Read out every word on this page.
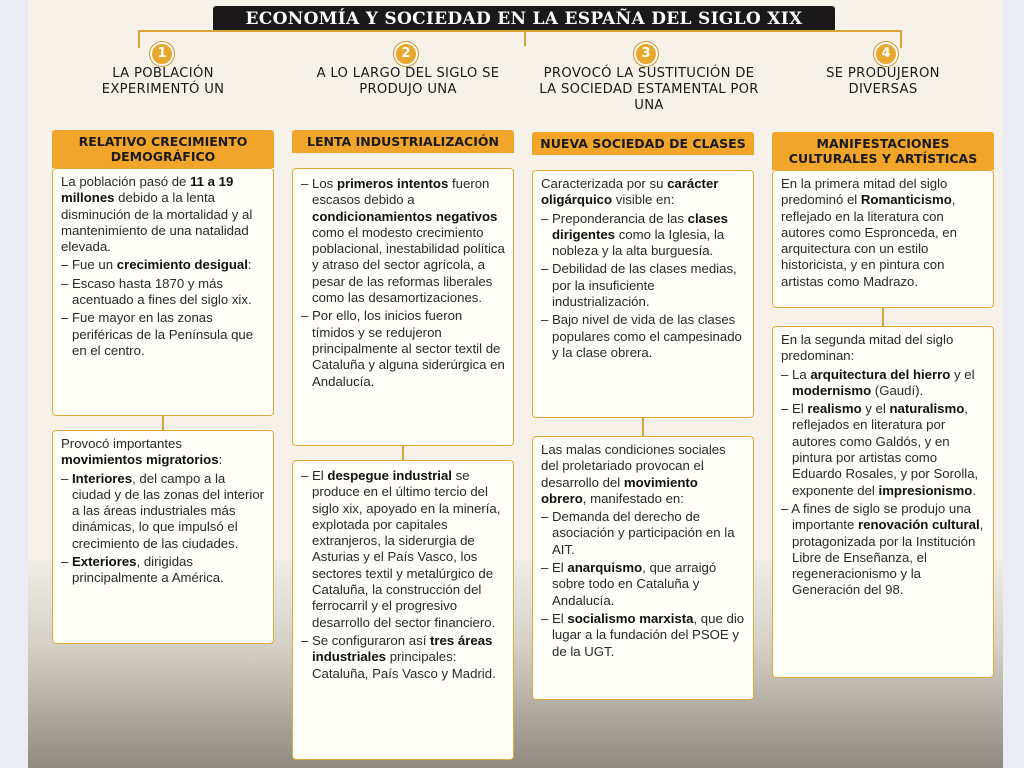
ECONOMÍA Y SOCIEDAD EN LA ESPAÑA DEL SIGLO XIX
1
LA POBLACIÓN EXPERIMENTÓ UN
RELATIVO CRECIMIENTO DEMOGRÁFICO

La población pasó de 11 a 19 millones debido a la lenta disminución de la mortalidad y al mantenimiento de una natalidad elevada.

– Fue un crecimiento desigual:
– Escaso hasta 1870 y más acentuado a fines del siglo xix.
– Fue mayor en las zonas periféricas de la Península que en el centro.

Provocó importantes movimientos migratorios:

– Interiores, del campo a la ciudad y de las zonas del interior a las áreas industriales más dinámicas, lo que impulsó el crecimiento de las ciudades.
– Exteriores, dirigidas principalmente a América.
2
A LO LARGO DEL SIGLO SE PRODUJO UNA
LENTA INDUSTRIALIZACIÓN
– Los primeros intentos fueron escasos debido a condicionamientos negativos como el modesto crecimiento poblacional, inestabilidad política y atraso del sector agrícola, a pesar de las reformas liberales como las desamortizaciones.
– Por ello, los inicios fueron tímidos y se redujeron principalmente al sector textil de Cataluña y alguna siderúrgica en Andalucía.
– El despegue industrial se produce en el último tercio del siglo xix, apoyado en la minería, explotada por capitales extranjeros, la siderurgia de Asturias y el País Vasco, los sectores textil y metalúrgico de Cataluña, la construcción del ferrocarril y el progresivo desarrollo del sector financiero.
– Se configuraron así tres áreas industriales principales: Cataluña, País Vasco y Madrid.
3
PROVOCÓ LA SUSTITUCIÓN DE LA SOCIEDAD ESTAMENTAL POR UNA
NUEVA SOCIEDAD DE CLASES

Caracterizada por su carácter oligárquico visible en:

– Preponderancia de las clases dirigentes como la Iglesia, la nobleza y la alta burguesía.
– Debilidad de las clases medias, por la insuficiente industrialización.
– Bajo nivel de vida de las clases populares como el campesinado y la clase obrera.

Las malas condiciones sociales del proletariado provocan el desarrollo del movimiento obrero, manifestado en:

– Demanda del derecho de asociación y participación en la AIT.
– El anarquismo, que arraigó sobre todo en Cataluña y Andalucía.
– El socialismo marxista, que dio lugar a la fundación del PSOE y de la UGT.
4
SE PRODUJERON DIVERSAS
MANIFESTACIONES CULTURALES Y ARTÍSTICAS

En la primera mitad del siglo predominó el Romanticismo, reflejado en la literatura con autores como Espronceda, en arquitectura con un estilo historicista, y en pintura con artistas como Madrazo.

En la segunda mitad del siglo predominan:

– La arquitectura del hierro y el modernismo (Gaudí).
– El realismo y el naturalismo, reflejados en literatura por autores como Galdós, y en pintura por artistas como Eduardo Rosales, y por Sorolla, exponente del impresionismo.
– A fines de siglo se produjo una importante renovación cultural, protagonizada por la Institución Libre de Enseñanza, el regeneracionismo y la Generación del 98.
